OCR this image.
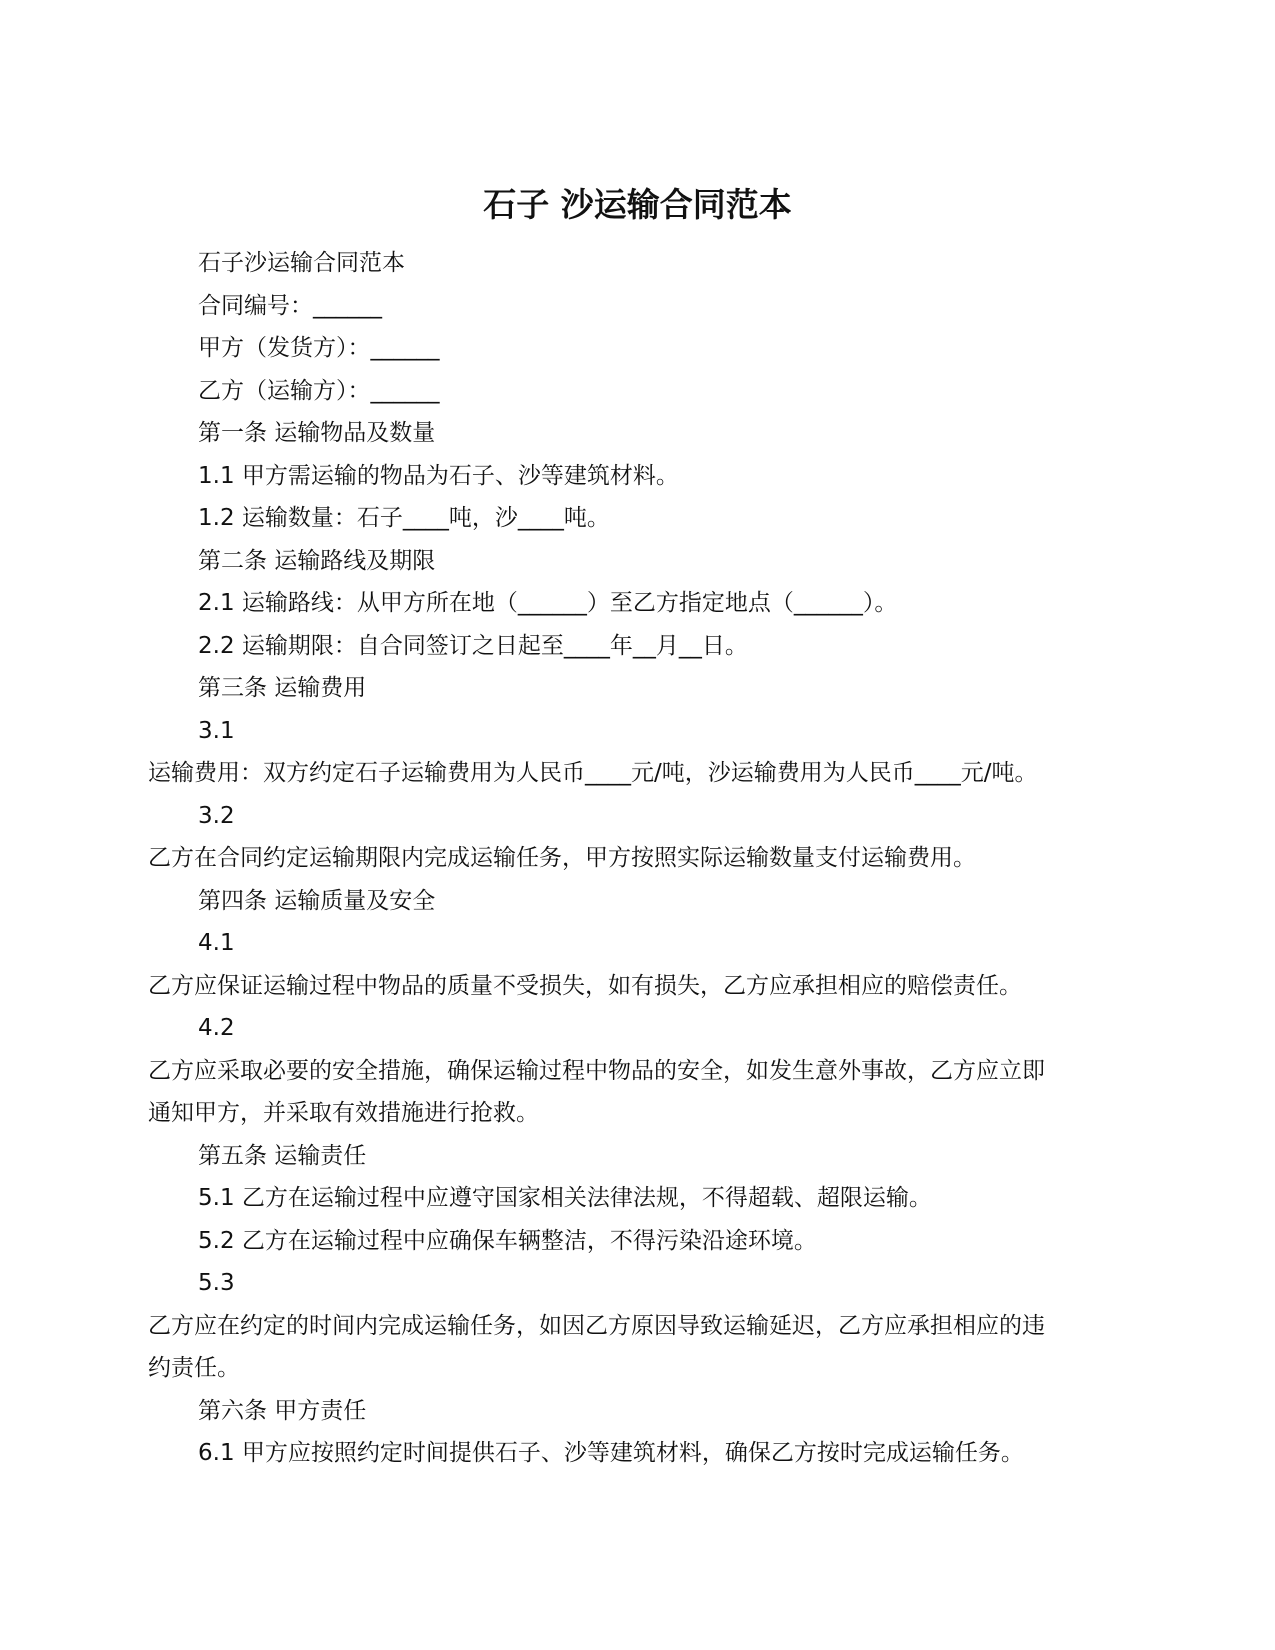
石子 沙运输合同范本
石子沙运输合同范本
合同编号：______
甲方（发货方）：______
乙方（运输方）：______
第一条 运输物品及数量
1.1 甲方需运输的物品为石子、沙等建筑材料。
1.2 运输数量：石子____吨，沙____吨。
第二条 运输路线及期限
2.1 运输路线：从甲方所在地（______）至乙方指定地点（______）。
2.2 运输期限：自合同签订之日起至____年__月__日。
第三条 运输费用
3.1
运输费用：双方约定石子运输费用为人民币____元/吨，沙运输费用为人民币____元/吨。
3.2
乙方在合同约定运输期限内完成运输任务，甲方按照实际运输数量支付运输费用。
第四条 运输质量及安全
4.1
乙方应保证运输过程中物品的质量不受损失，如有损失，乙方应承担相应的赔偿责任。
4.2
乙方应采取必要的安全措施，确保运输过程中物品的安全，如发生意外事故，乙方应立即
通知甲方，并采取有效措施进行抢救。
第五条 运输责任
5.1 乙方在运输过程中应遵守国家相关法律法规，不得超载、超限运输。
5.2 乙方在运输过程中应确保车辆整洁，不得污染沿途环境。
5.3
乙方应在约定的时间内完成运输任务，如因乙方原因导致运输延迟，乙方应承担相应的违
约责任。
第六条 甲方责任
6.1 甲方应按照约定时间提供石子、沙等建筑材料，确保乙方按时完成运输任务。
